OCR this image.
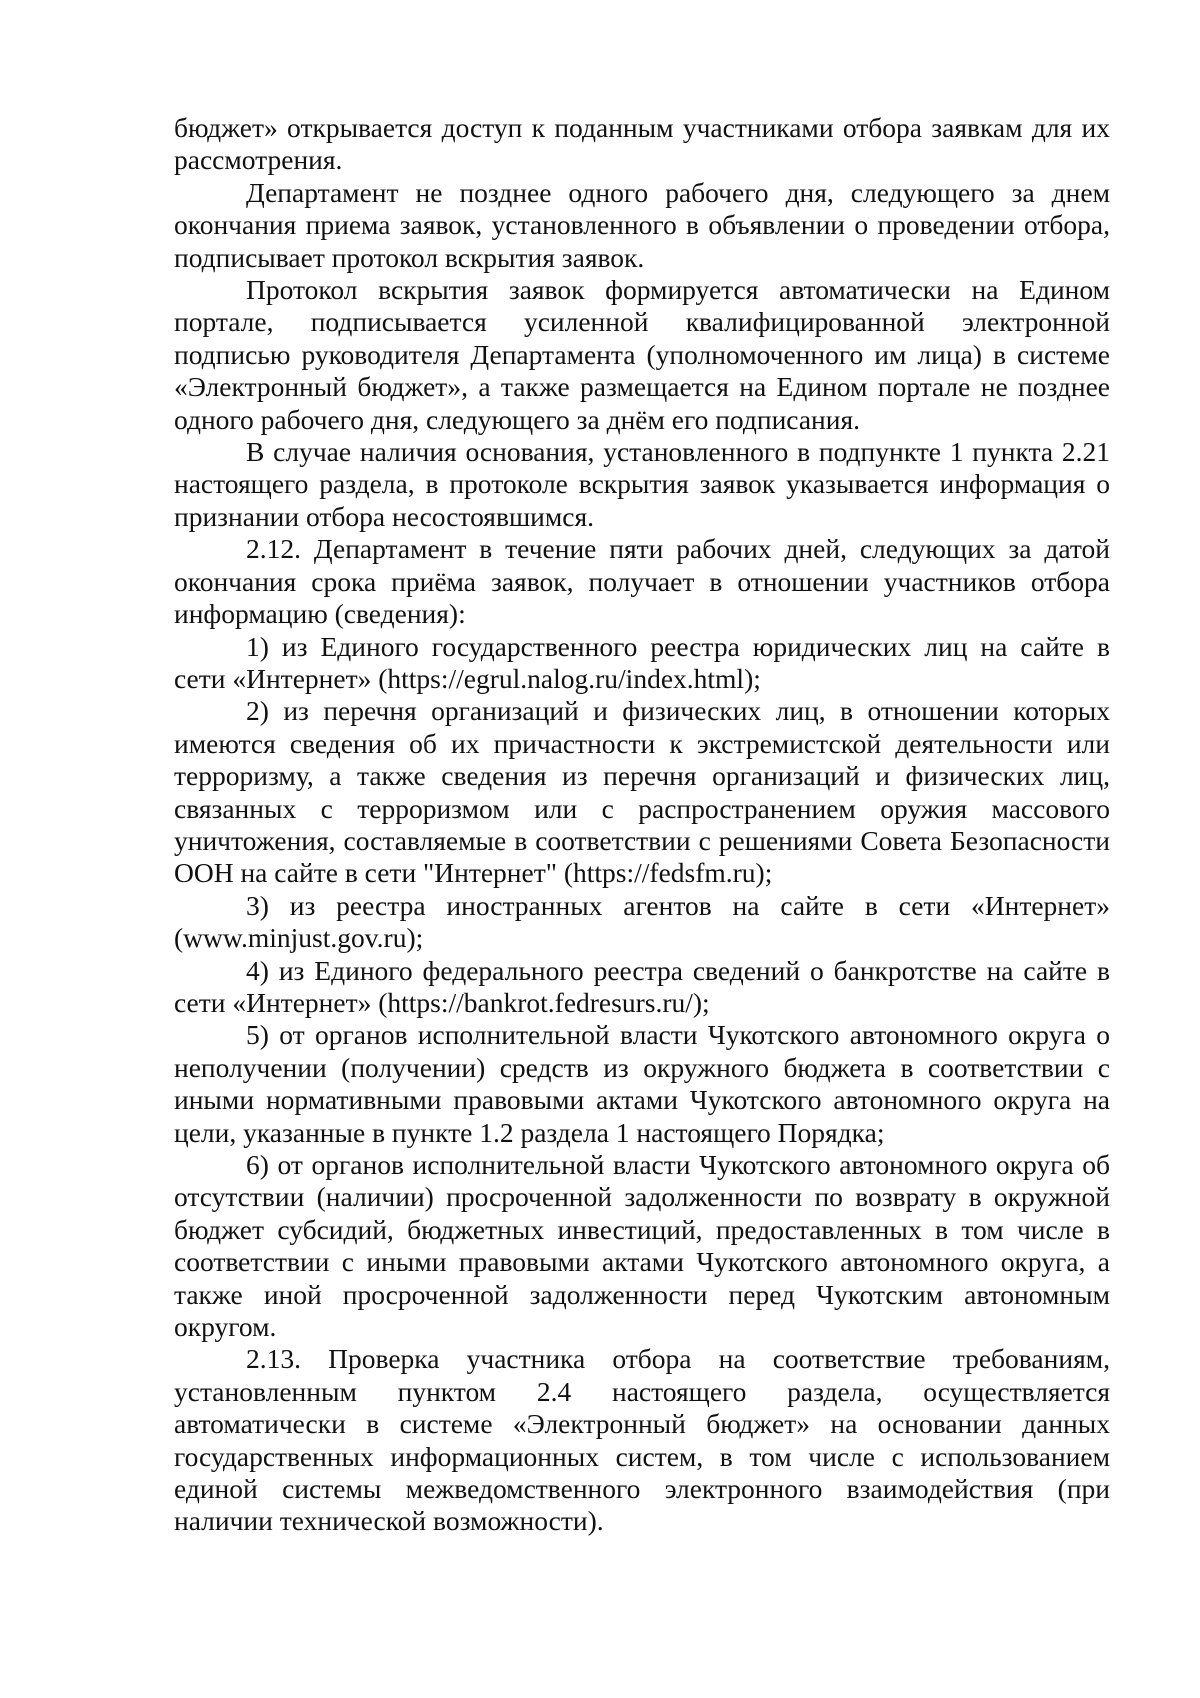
бюджет» открывается доступ к поданным участниками отбора заявкам для их рассмотрения.

Департамент не позднее одного рабочего дня, следующего за днем окончания приема заявок, установленного в объявлении о проведении отбора, подписывает протокол вскрытия заявок.

Протокол вскрытия заявок формируется автоматически на Едином портале, подписывается усиленной квалифицированной электронной подписью руководителя Департамента (уполномоченного им лица) в системе «Электронный бюджет», а также размещается на Едином портале не позднее одного рабочего дня, следующего за днём его подписания.

В случае наличия основания, установленного в подпункте 1 пункта 2.21 настоящего раздела, в протоколе вскрытия заявок указывается информация о признании отбора несостоявшимся.

2.12. Департамент в течение пяти рабочих дней, следующих за датой окончания срока приёма заявок, получает в отношении участников отбора информацию (сведения):

1) из Единого государственного реестра юридических лиц на сайте в сети «Интернет» (https://egrul.nalog.ru/index.html);

2) из перечня организаций и физических лиц, в отношении которых имеются сведения об их причастности к экстремистской деятельности или терроризму, а также сведения из перечня организаций и физических лиц, связанных с терроризмом или с распространением оружия массового уничтожения, составляемые в соответствии с решениями Совета Безопасности ООН на сайте в сети "Интернет" (https://fedsfm.ru);

3) из реестра иностранных агентов на сайте в сети «Интернет» (www.minjust.gov.ru);

4) из Единого федерального реестра сведений о банкротстве на сайте в сети «Интернет» (https://bankrot.fedresurs.ru/);

5) от органов исполнительной власти Чукотского автономного округа о неполучении (получении) средств из окружного бюджета в соответствии с иными нормативными правовыми актами Чукотского автономного округа на цели, указанные в пункте 1.2 раздела 1 настоящего Порядка;

6) от органов исполнительной власти Чукотского автономного округа об отсутствии (наличии) просроченной задолженности по возврату в окружной бюджет субсидий, бюджетных инвестиций, предоставленных в том числе в соответствии с иными правовыми актами Чукотского автономного округа, а также иной просроченной задолженности перед Чукотским автономным округом.

2.13. Проверка участника отбора на соответствие требованиям, установленным пунктом 2.4 настоящего раздела, осуществляется автоматически в системе «Электронный бюджет» на основании данных государственных информационных систем, в том числе с использованием единой системы межведомственного электронного взаимодействия (при наличии технической возможности).
